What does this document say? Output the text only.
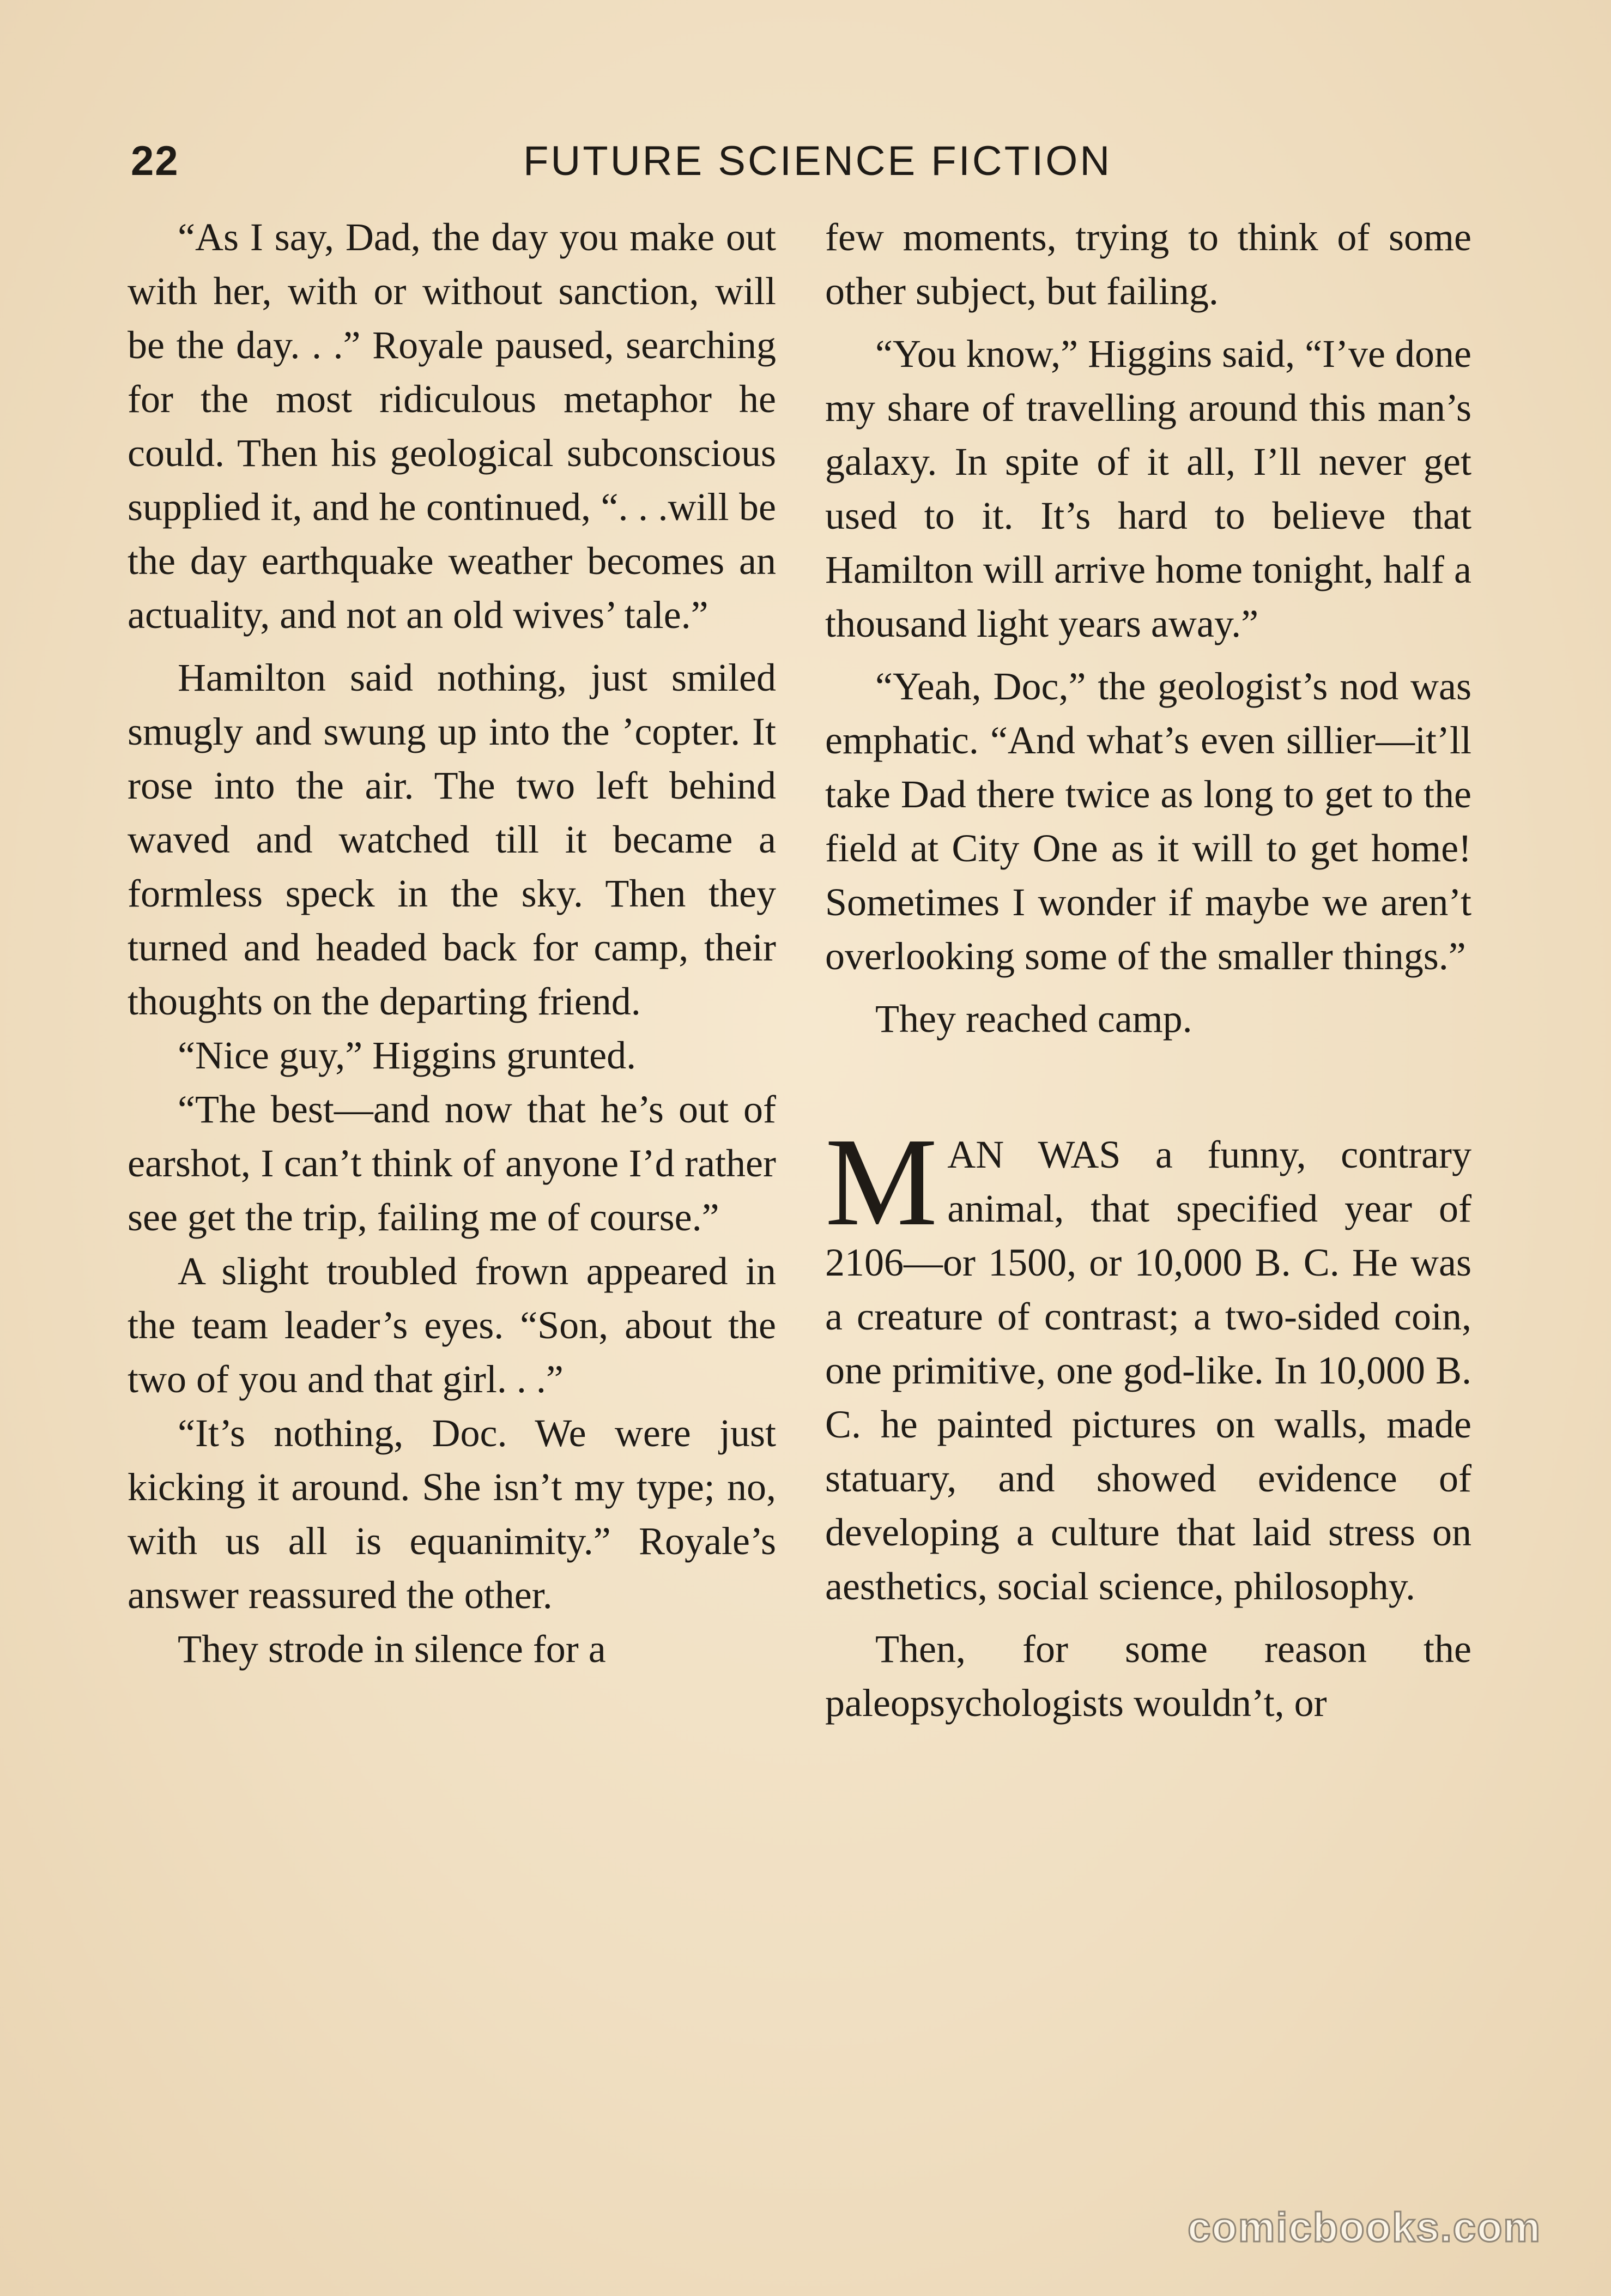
22	FUTURE SCIENCE FICTION

“As I say, Dad, the day you make out with her, with or without sanction, will be the day. . .” Royale paused, searching for the most ridiculous metaphor he could. Then his geological subconscious supplied it, and he continued, “. . .will be the day earthquake weather becomes an actuality, and not an old wives’ tale.”

Hamilton said nothing, just smiled smugly and swung up into the ’copter. It rose into the air. The two left behind waved and watched till it became a formless speck in the sky. Then they turned and headed back for camp, their thoughts on the departing friend.

“Nice guy,” Higgins grunted.

“The best—and now that he’s out of earshot, I can’t think of anyone I’d rather see get the trip, failing me of course.”

A slight troubled frown appeared in the team leader’s eyes. “Son, about the two of you and that girl. . .”

“It’s nothing, Doc. We were just kicking it around. She isn’t my type; no, with us all is equanimity.” Royale’s answer reassured the other.

They strode in silence for a

few moments, trying to think of some other subject, but failing.

“You know,” Higgins said, “I’ve done my share of travelling around this man’s galaxy. In spite of it all, I’ll never get used to it. It’s hard to believe that Hamilton will arrive home tonight, half a thousand light years away.”

“Yeah, Doc,” the geologist’s nod was emphatic. “And what’s even sillier—it’ll take Dad there twice as long to get to the field at City One as it will to get home! Sometimes I wonder if maybe we aren’t overlooking some of the smaller things.”

They reached camp.

MAN WAS a funny, contrary animal, that specified year of 2106—or 1500, or 10,000 B. C. He was a creature of contrast; a two-sided coin, one primitive, one god-like. In 10,000 B. C. he painted pictures on walls, made statuary, and showed evidence of developing a culture that laid stress on aesthetics, social science, philosophy.

Then, for some reason the paleopsychologists wouldn’t, or

comicbooks.com
